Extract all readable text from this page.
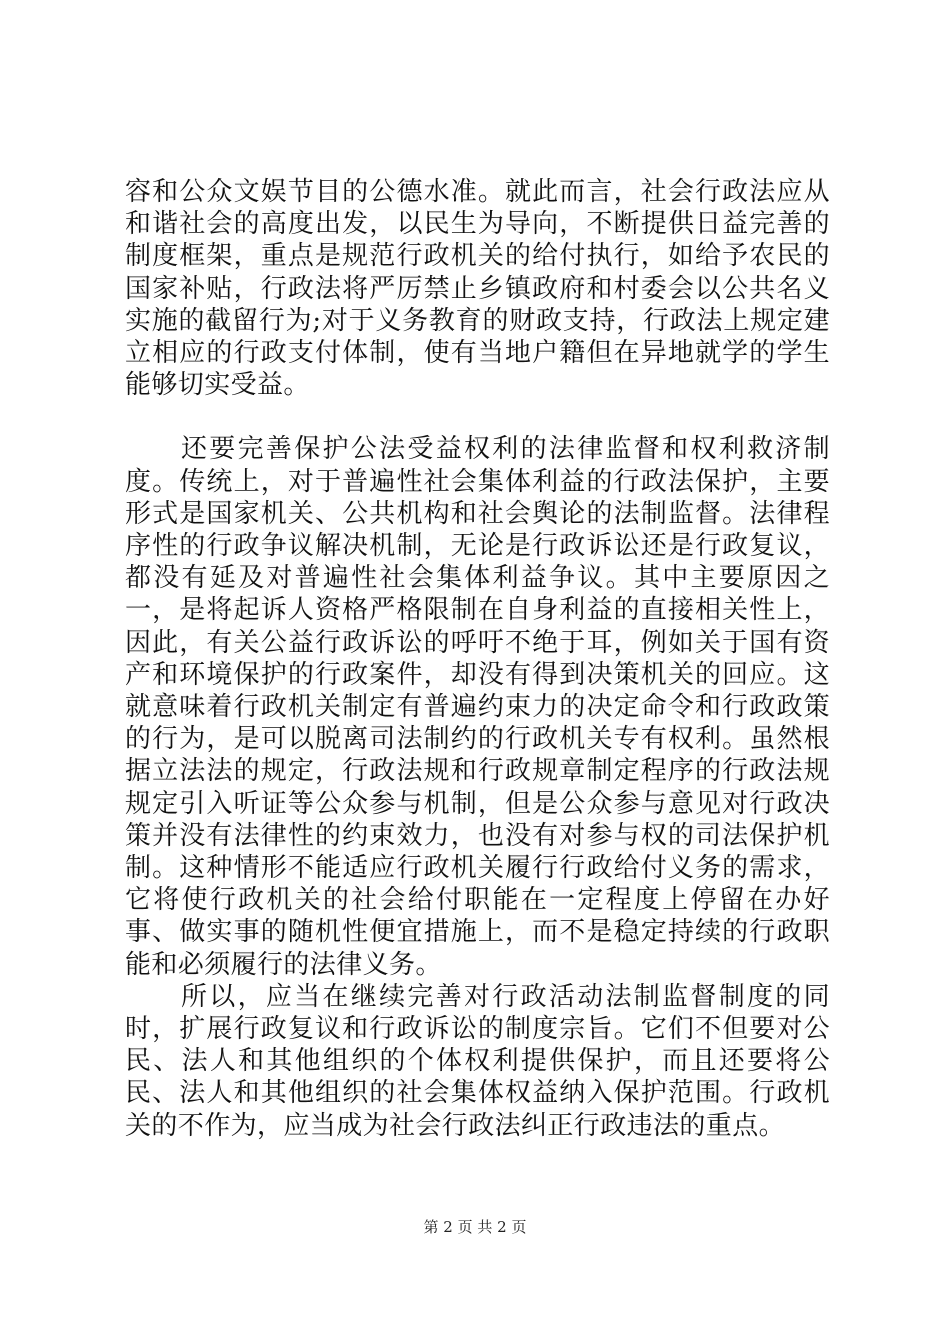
容和公众文娱节目的公德水准。就此而言，社会行政法应从和谐社会的高度出发，以民生为导向，不断提供日益完善的制度框架，重点是规范行政机关的给付执行，如给予农民的国家补贴，行政法将严厉禁止乡镇政府和村委会以公共名义实施的截留行为;对于义务教育的财政支持，行政法上规定建立相应的行政支付体制，使有当地户籍但在异地就学的学生能够切实受益。

还要完善保护公法受益权利的法律监督和权利救济制度。传统上，对于普遍性社会集体利益的行政法保护，主要形式是国家机关、公共机构和社会舆论的法制监督。法律程序性的行政争议解决机制，无论是行政诉讼还是行政复议，都没有延及对普遍性社会集体利益争议。其中主要原因之一，是将起诉人资格严格限制在自身利益的直接相关性上，因此，有关公益行政诉讼的呼吁不绝于耳，例如关于国有资产和环境保护的行政案件，却没有得到决策机关的回应。这就意味着行政机关制定有普遍约束力的决定命令和行政政策的行为，是可以脱离司法制约的行政机关专有权利。虽然根据立法法的规定，行政法规和行政规章制定程序的行政法规规定引入听证等公众参与机制，但是公众参与意见对行政决策并没有法律性的约束效力，也没有对参与权的司法保护机制。这种情形不能适应行政机关履行行政给付义务的需求，它将使行政机关的社会给付职能在一定程度上停留在办好事、做实事的随机性便宜措施上，而不是稳定持续的行政职能和必须履行的法律义务。

所以，应当在继续完善对行政活动法制监督制度的同时，扩展行政复议和行政诉讼的制度宗旨。它们不但要对公民、法人和其他组织的个体权利提供保护，而且还要将公民、法人和其他组织的社会集体权益纳入保护范围。行政机关的不作为，应当成为社会行政法纠正行政违法的重点。

第 2 页 共 2 页
